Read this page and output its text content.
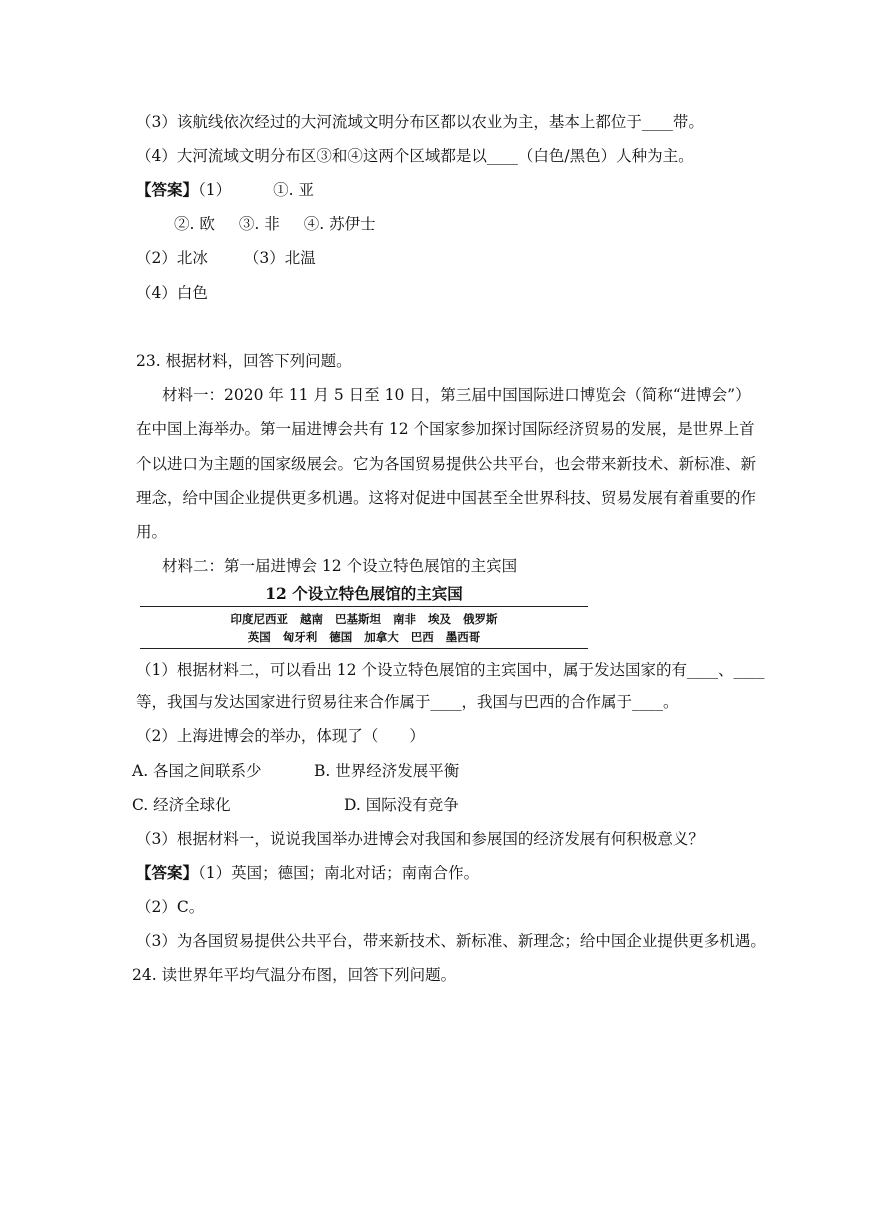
（3）该航线依次经过的大河流域文明分布区都以农业为主，基本上都位于____带。
（4）大河流域文明分布区③和④这两个区域都是以____（白色/黑色）人种为主。
【答案】（1）	①. 亚
②. 欧 ③. 非 ④. 苏伊士
（2）北冰 （3）北温
（4）白色
23. 根据材料，回答下列问题。
材料一：2020 年 11 月 5 日至 10 日，第三届中国国际进口博览会（简称“进博会”）
在中国上海举办。第一届进博会共有 12 个国家参加探讨国际经济贸易的发展，是世界上首
个以进口为主题的国家级展会。它为各国贸易提供公共平台，也会带来新技术、新标准、新
理念，给中国企业提供更多机遇。这将对促进中国甚至全世界科技、贸易发展有着重要的作
用。
材料二：第一届进博会 12 个设立特色展馆的主宾国
12 个设立特色展馆的主宾国
印度尼西亚 越南 巴基斯坦 南非 埃及 俄罗斯
英国 匈牙利 德国 加拿大 巴西 墨西哥
（1）根据材料二，可以看出 12 个设立特色展馆的主宾国中，属于发达国家的有____、____
等，我国与发达国家进行贸易往来合作属于____，我国与巴西的合作属于____。
（2）上海进博会的举办，体现了（　　）
A. 各国之间联系少	B. 世界经济发展平衡
C. 经济全球化	D. 国际没有竞争
（3）根据材料一，说说我国举办进博会对我国和参展国的经济发展有何积极意义？
【答案】（1）英国；德国；南北对话；南南合作。
（2）C。
（3）为各国贸易提供公共平台，带来新技术、新标准、新理念；给中国企业提供更多机遇。
24. 读世界年平均气温分布图，回答下列问题。
